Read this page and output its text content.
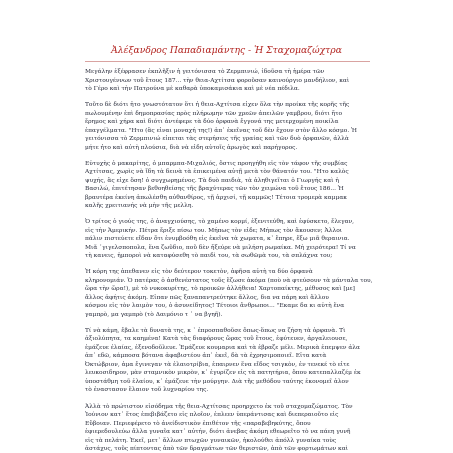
Ἀλέξανδρος Παπαδιαμάντης - Ἡ Σταχομαζώχτρα
Μεγάλην ἑξέφρασεν ἐκπλῆξιν ἡ γειτόνισσα τὸ Ζερμπινιώ, ἰδοῦσα τὴ ἡμέρα τῶν
Χριστουγέννων τοῦ ἔτους 187... τὴν θεια-Αχτίτσα φοροῦσαν καινούργιο μανδήλιον, καὶ
τὸ Γέρο καὶ τὴν Πατρούνα μὲ καθαρὰ ὑποκαμισάκια καὶ μὲ νέα πέδιλα.
Τοῦτο δὲ διότι ἦτο γνωστότατον ὅτι ἡ θεια-Αχτίτσα εἶχεν ὅλα τὴν προίκα τῆς κορῆς τῆς
πωλουμένην ἐπὶ δημοπρασίας πρὸς πλήρωμην τῶν χρεῶν ἀπειλῶν γαμβρου, διότι ἤτο
ἔρημος καὶ χήρα καὶ διότι ἀντέφερε τὰ δύο ὀρφανὰ ἔγγονά της μετερχομένη ποικίλα
ἐπαγγέλματα. "Ητο (ἂς εἶναι μοναχή της!) ἀπ᾽ ἐκεῖνας τοῦ δὲν ἔχουν στὸν ἄλλο κόσμο. Ἡ
γειτόνισσα τὸ Ζερμπινιώ εἶπεται τὰς στερήσεις τῆς γραίας καὶ τῶν δυὸ ὀρφανῶν, ἀλλὰ
μήτε ἦτο καὶ αὐτὴ πλούσια, διὰ νὰ εἶδη αὐτοῖς ἀρωγὸς καὶ παρήγορος.
Εὐτυχὴς ὁ μακαρίτης, ὁ μπαρμπα-Μιχαλιός, ὅστις προηγήθη εἰς τὸν τάφον τῆς συμβίας
Αχτίτσας, χωρὶς νὰ ἴδη τὰ δεινὰ τὰ ἐπικειμένα αὐτῇ μετὰ τὸν θάνατόν του. "Ητο καλὸς
ψυχής, ἂς εἶχε ὅση! ὁ συγχωρημένος. Τὰ δυὸ παιδιὰ, τὰ ἀληθιγεῖται ὁ Γιωργής καὶ ἡ
Βασιλώ, ἐπιτέτησαν βεθοηθείσης τῆς βραχύτερας τῶν τὸν χειμώνα τοῦ ἔτους 186... Ἡ
βραυτέρα ἐκείνη ἀπωλέσθη αὐθανθίρος, τῇ ἀρχισί, τῇ καμμῶς! Τέτοια τρομερὰ καμμακ
καλῆς χρειτιανής νὰ μὴν τῆς μελλη.
Ὁ τρίτος ὁ γιούς της, ὁ ἀναγχιούσης, τὸ χαμένο κορμί, ἐξενιτεύθη, καὶ ἐφύσκετο, ἔλεγαν,
εἰς τὴν Ἀμερικήν. Πέτρα ἔριξε πίσω του. Μήπως τὸν εἶδε; Μήπως τὸν ἄκουσεν; Ἀλλοι
πάλιν πιστεύετε εἴδαν ὅτι ἐνυμβοόθη εἰς ἐκεῖνα τὰ χωματα, κ᾽ ἔπηρε, ἔξω μιᾶ θεραινια.
Μιᾶ ᾽γιγελσποπολα, ἕνα ζωῦδιο, ποῦ δὲν ἤξεύρε νὰ μιλήση ρωμαίκα. Μὴ χειρότερα! Τί να
τὴ κανεις, ἠμποροὶ νὰ καταφύσεθη τὸ παιδὶ του, τὰ σωθῶμὰ του, τὰ σπλάχνα του;
Ἡ κόρη της ἀπεθανεν εἰς τὸν δεύτερον τοκετὸν, ἀφῆσα αὐτὴ τα δύο ὀρφανὰ
κληρονομιάν. Ὁ πατέρας ὁ ἀσθενέστατος τοῦς ἔζωσε ἀκόμα (ποὺ νὰ φτεύσουν τὰ μάνταλα του,
ὥρα τὴν ὥρα!), μὲ τὸ νυκοκυρίτης, τὸ προικῶν ἀλλήθεια! Χαρτοπαίκτης, μέθυσος καὶ [με]
ἄλλος ἀφήτις ἀκόμη. Εἶπαν πῶς ξαναπαντρεύτηκε ἄλλος, δια να πάρη καὶ ἄλλου
κόσμου εἰς τὸν λαιμὸν του, ὁ ἀσυνείδητος! Τέτοιοι ἄνθρωποι... "Εκαμε δα κι αὐτὴ ἕνα
γαμπρὸ, μα γαμπρὸ (τὸ Δαιμόνιο τ ᾽ να βγηῆ).
Τί νὰ κάμη, ἔβαλε τὰ δυνατὰ της, κ ᾽ ἐπροσπαθοῦσε ὅπως-ὅπως να ζήση τὰ ὀρφανὰ. Τὶ
ἀξιολύπητα, τα καημένα! Κατὰ τὰς διαφόρους ὥρας τοῦ ἔτους, ἐφύτευεν, ἀργαλειουσε,
ἐμάζευε ἐλαίας, ἐξενοδοῦλευε. Ἐμάζευε κουμαρια καὶ τὰ ἐβραζε μέλι. Μερικὰ ἐπεμψεν ἀλα
ἀπ᾽ εδῶ, κάμποσα βότανα ἀφαβιστέου ἀπ᾽ ἐκεῖ, δὰ τὰ ἐχρησιμοποιεῖ. Εἶτα κατὰ
Ὀκτώβριον, ἀμα ἔγινεγαν τὰ ἐλαιοτρίβια, ἐπαιρνεν ἕνα εἴδος τσιγκὸν, ἐν τενεκέ τὸ εἶτε
λευκοσιδηρον, μὰν σταμνικὸν μικρὸν, κ᾽ ἐγυρίζεν εἰς τὰ πατητήρια, ὅπου κατεπαλλαζέμ ἐκ
ὑποστάθμη τοῦ ἐλαίου, κ᾽ ἐμάζευε τὴν μούργην. Διὰ τῆς μεθόδου ταύτης ἐκονομεῖ ἀλον
τὸ ἐναστασον ἔλαιον τοῦ λυχναρίου της.
Ἀλλὰ τὸ πρώτιστον εἰσόδημα τῆς θεια-Αχτίτσας προηρχετο ἐκ τοῦ σταχομαζώματος. Τὸν
Ἰούνιον κατ᾽ ἔτος ἐπεβιβάζετο εἰς πλοῖον, ἐπλεεν ὑπεράντισας καὶ διεπεραιοῦτο εἰς
Εὔβοιαν. Περιεφέρετο τὸ ἀνείδιστικὸν ἐπιθέτον τῆς «παραβεβηκύτης, ὅπου
ἐφιερεδουλεύω ἄλλα γυναῖα κατ᾽ αὐτήν, διότι ἀνεβας ἀκόμη εθεωρεῖτο τὸ να πάεη γυνῆ
εἰς τὰ πελάτη. Ἐκεῖ, μετ᾽ ἄλλων πτωχῶν γυναικῶν, ἠκολούθει ἀπόλλ γυναίκα τοὺς
ἀστάχυς, τοῦς πίπτοντας ἀπὸ τῶν δραγμάτων τῶν θεριστῶν, ἀπὸ τῶν φορτωμάτων καὶ
